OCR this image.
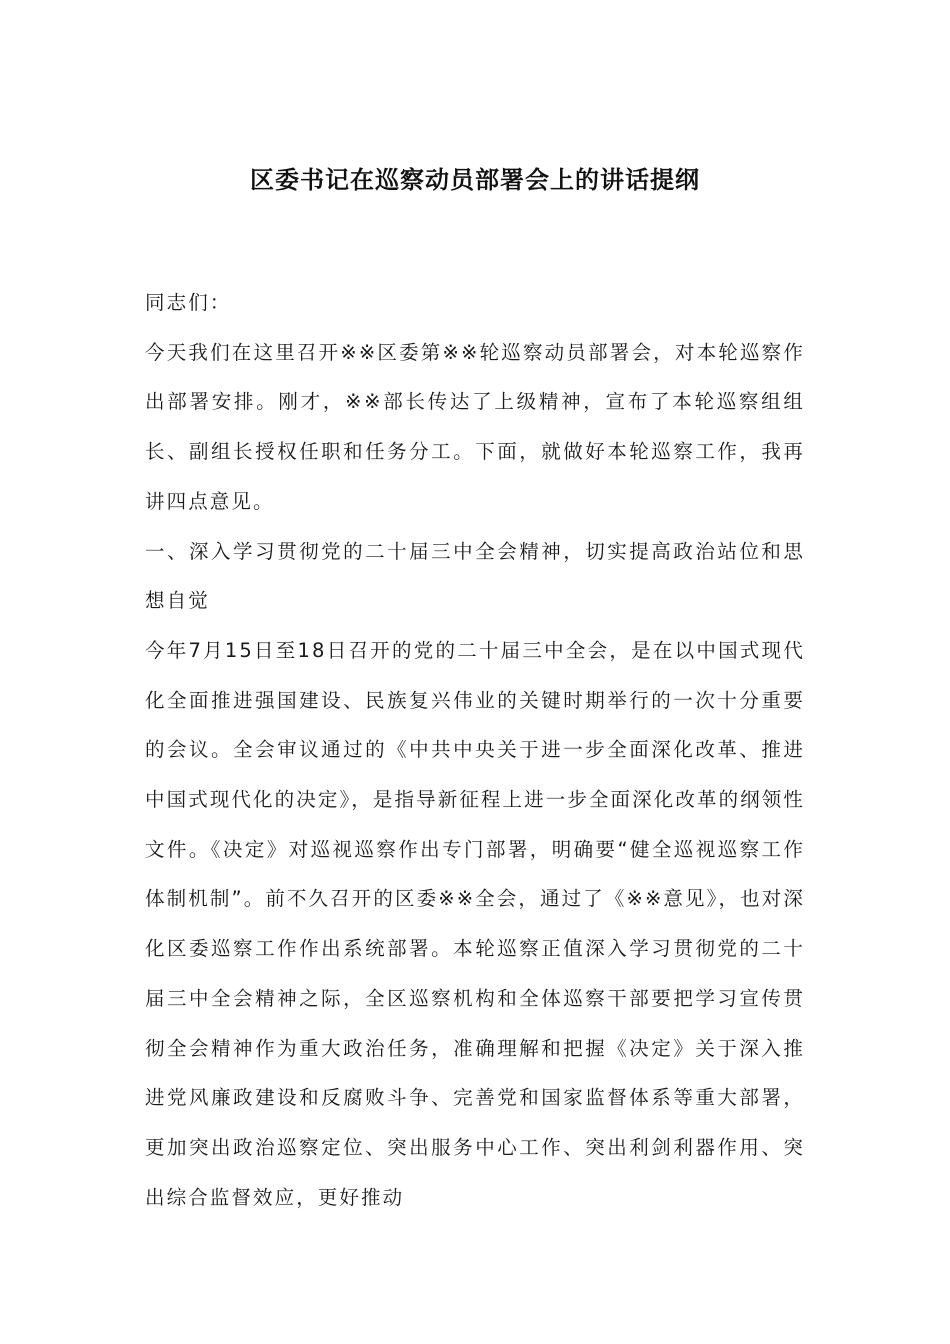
区委书记在巡察动员部署会上的讲话提纲

同志们：

今天我们在这里召开※※区委第※※轮巡察动员部署会，对本轮巡察作出部署安排。刚才，※※部长传达了上级精神，宣布了本轮巡察组组长、副组长授权任职和任务分工。下面，就做好本轮巡察工作，我再讲四点意见。

一、深入学习贯彻党的二十届三中全会精神，切实提高政治站位和思想自觉

今年7月15日至18日召开的党的二十届三中全会，是在以中国式现代化全面推进强国建设、民族复兴伟业的关键时期举行的一次十分重要的会议。全会审议通过的《中共中央关于进一步全面深化改革、推进中国式现代化的决定》，是指导新征程上进一步全面深化改革的纲领性文件。《决定》对巡视巡察作出专门部署，明确要“健全巡视巡察工作体制机制”。前不久召开的区委※※全会，通过了《※※意见》，也对深化区委巡察工作作出系统部署。本轮巡察正值深入学习贯彻党的二十届三中全会精神之际，全区巡察机构和全体巡察干部要把学习宣传贯彻全会精神作为重大政治任务，准确理解和把握《决定》关于深入推进党风廉政建设和反腐败斗争、完善党和国家监督体系等重大部署，更加突出政治巡察定位、突出服务中心工作、突出利剑利器作用、突出综合监督效应，更好推动
